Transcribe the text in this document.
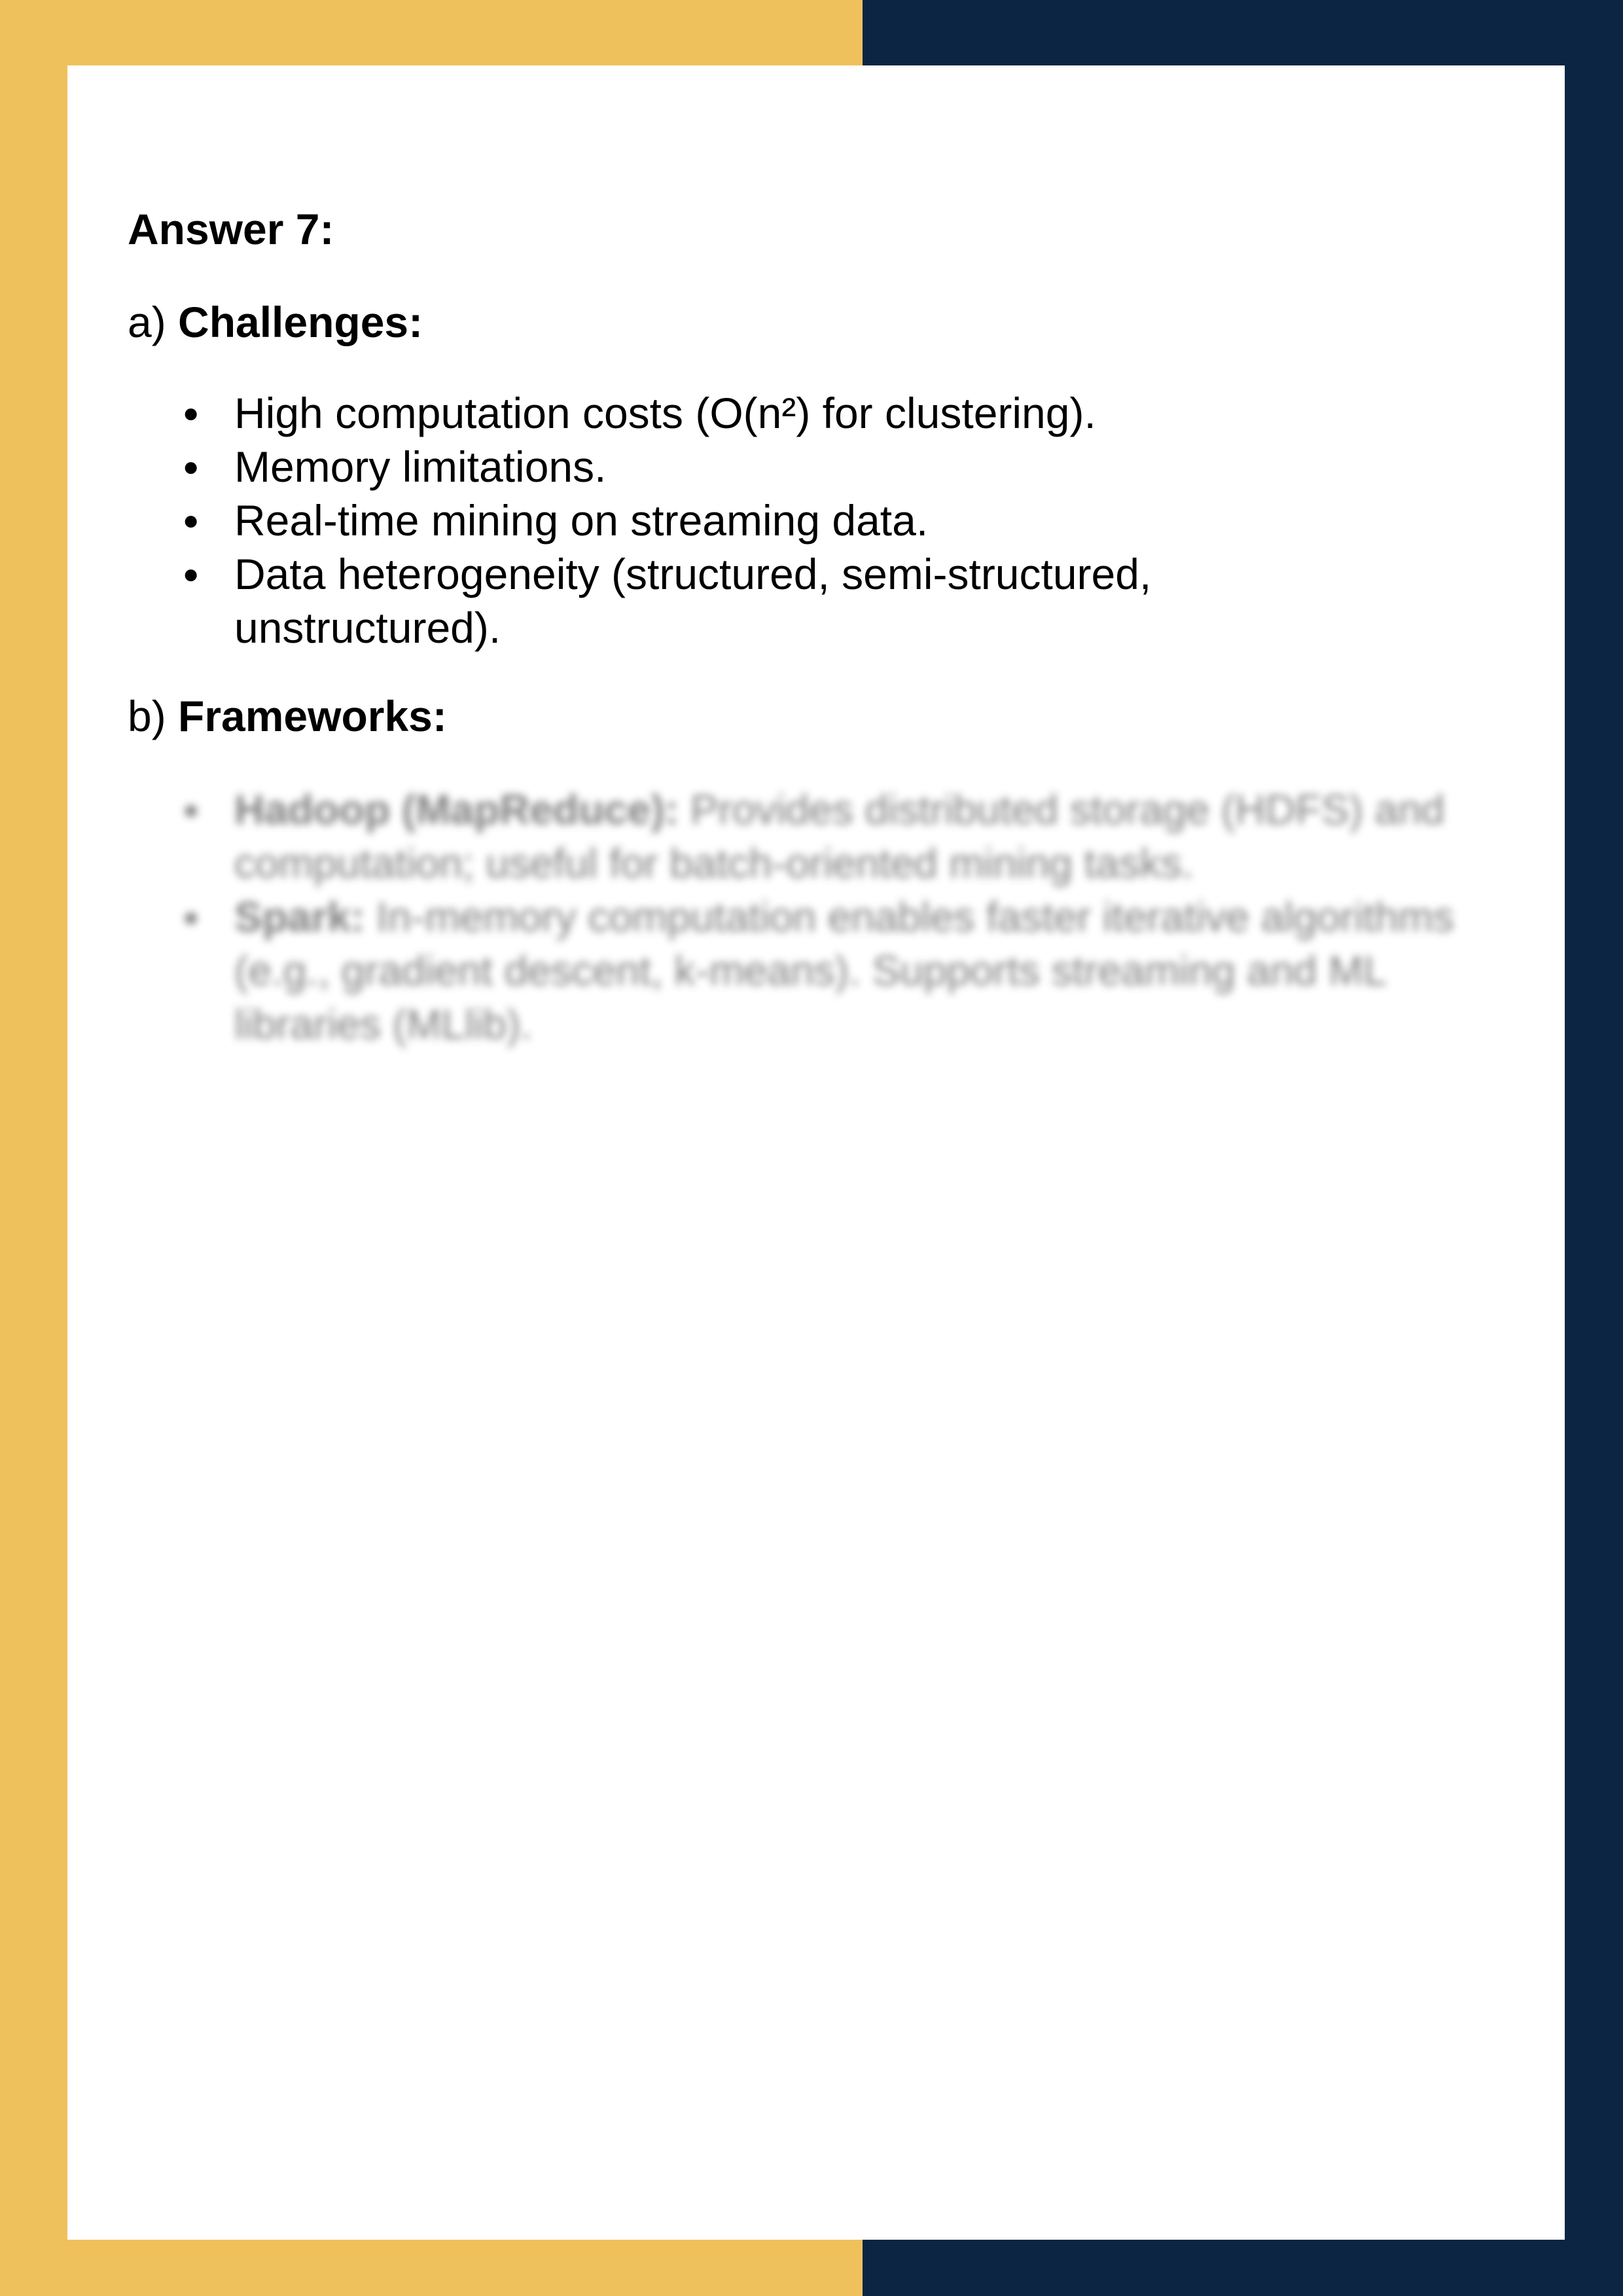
Answer 7:

a) Challenges:

● High computation costs (O(n²) for clustering).
● Memory limitations.
● Real-time mining on streaming data.
● Data heterogeneity (structured, semi-structured, unstructured).

b) Frameworks:

● Hadoop (MapReduce): Provides distributed storage (HDFS) and computation; useful for batch-oriented mining tasks.
● Spark: In-memory computation enables faster iterative algorithms (e.g., gradient descent, k-means). Supports streaming and ML libraries (MLlib).
